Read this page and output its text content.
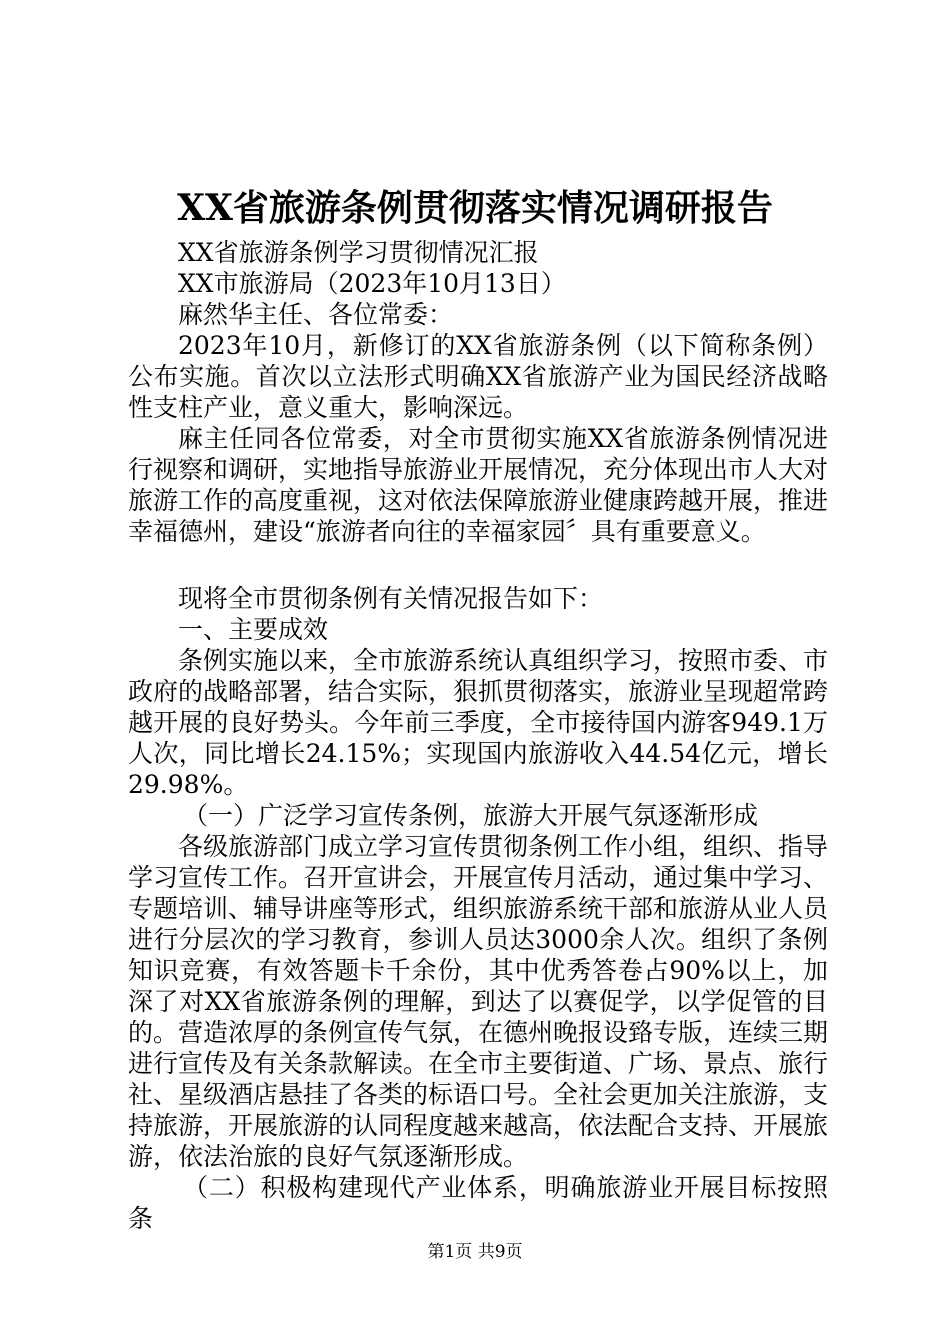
XX省旅游条例贯彻落实情况调研报告

XX省旅游条例学习贯彻情况汇报

XX市旅游局（2023年10月13日）

麻然华主任、各位常委：

2023年10月，新修订的XX省旅游条例（以下简称条例）公布实施。首次以立法形式明确XX省旅游产业为国民经济战略性支柱产业，意义重大，影响深远。

麻主任同各位常委，对全市贯彻实施XX省旅游条例情况进行视察和调研，实地指导旅游业开展情况，充分体现出市人大对旅游工作的高度重视，这对依法保障旅游业健康跨越开展，推进幸福德州，建设“旅游者向往的幸福家园〞具有重要意义。

现将全市贯彻条例有关情况报告如下：

一、主要成效

条例实施以来，全市旅游系统认真组织学习，按照市委、市政府的战略部署，结合实际，狠抓贯彻落实，旅游业呈现超常跨越开展的良好势头。今年前三季度，全市接待国内游客949.1万人次，同比增长24.15%；实现国内旅游收入44.54亿元，增长29.98%。

（一）广泛学习宣传条例，旅游大开展气氛逐渐形成

各级旅游部门成立学习宣传贯彻条例工作小组，组织、指导学习宣传工作。召开宣讲会，开展宣传月活动，通过集中学习、专题培训、辅导讲座等形式，组织旅游系统干部和旅游从业人员进行分层次的学习教育，参训人员达3000余人次。组织了条例知识竞赛，有效答题卡千余份，其中优秀答卷占90%以上，加深了对XX省旅游条例的理解，到达了以赛促学，以学促管的目的。营造浓厚的条例宣传气氛，在德州晚报设臵专版，连续三期进行宣传及有关条款解读。在全市主要街道、广场、景点、旅行社、星级酒店悬挂了各类的标语口号。全社会更加关注旅游，支持旅游，开展旅游的认同程度越来越高，依法配合支持、开展旅游，依法治旅的良好气氛逐渐形成。

（二）积极构建现代产业体系，明确旅游业开展目标按照条

第1页 共9页
